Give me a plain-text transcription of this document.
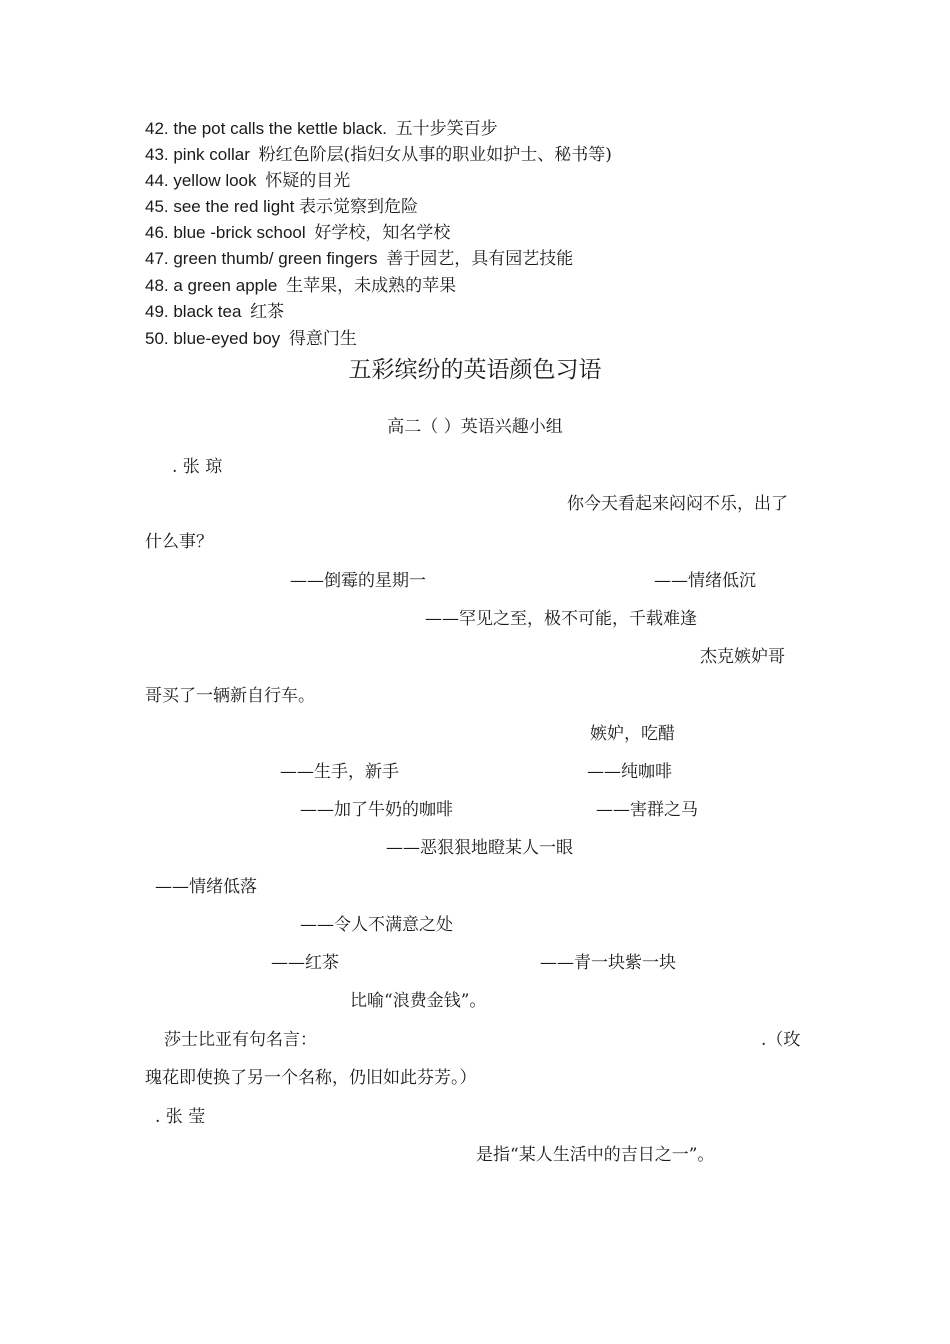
42. the pot calls the kettle black. 五十步笑百步
43. pink collar 粉红色阶层(指妇女从事的职业如护士、秘书等)
44. yellow look 怀疑的目光
45. see the red light 表示觉察到危险
46. blue -brick school 好学校，知名学校
47. green thumb/ green fingers 善于园艺，具有园艺技能
48. a green apple 生苹果，未成熟的苹果
49. black tea 红茶
50. blue-eyed boy 得意门生
五彩缤纷的英语颜色习语
高二（ ）英语兴趣小组
. 张 琼
你今天看起来闷闷不乐，出了
什么事？
——倒霉的星期一	——情绪低沉
——罕见之至，极不可能，千载难逢
杰克嫉妒哥
哥买了一辆新自行车。
嫉妒，吃醋
——生手，新手	——纯咖啡
——加了牛奶的咖啡	——害群之马
——恶狠狠地瞪某人一眼
——情绪低落
——令人不满意之处
——红茶	——青一块紫一块
比喻“浪费金钱”。
莎士比亚有句名言：	.（玫
瑰花即使换了另一个名称，仍旧如此芬芳。）
. 张 莹
是指“某人生活中的吉日之一”。
